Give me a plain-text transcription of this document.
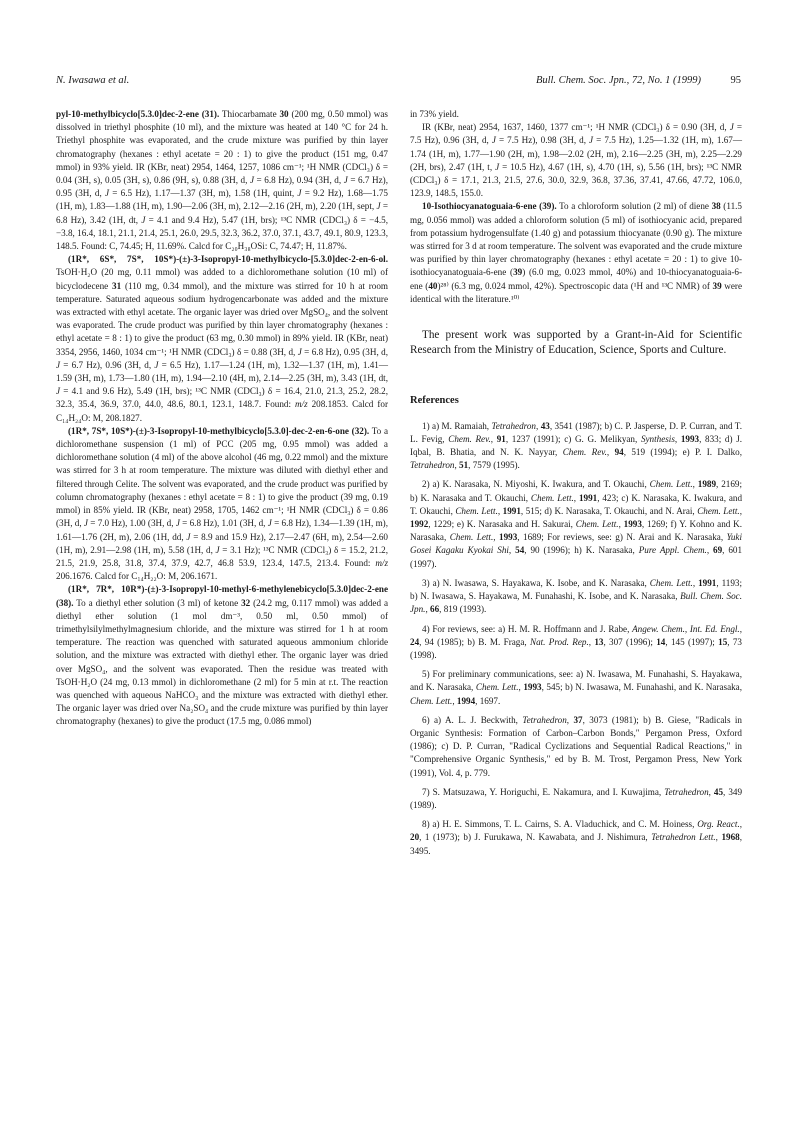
N. Iwasawa et al.	Bull. Chem. Soc. Jpn., 72, No. 1 (1999)	95

pyl-10-methylbicyclo[5.3.0]dec-2-ene (31). Thiocarbamate 30 (200 mg, 0.50 mmol) was dissolved in triethyl phosphite (10 ml), and the mixture was heated at 140 °C for 24 h. Triethyl phosphite was evaporated, and the crude mixture was purified by thin layer chromatography (hexanes : ethyl acetate = 20 : 1) to give the product (151 mg, 0.47 mmol) in 93% yield. IR (KBr, neat) 2954, 1464, 1257, 1086 cm⁻¹; ¹H NMR (CDCl₃) δ = 0.04 (3H, s), 0.05 (3H, s), 0.86 (9H, s), 0.88 (3H, d, J = 6.8 Hz), 0.94 (3H, d, J = 6.7 Hz), 0.95 (3H, d, J = 6.5 Hz), 1.17—1.37 (3H, m), 1.58 (1H, quint, J = 9.2 Hz), 1.68—1.75 (1H, m), 1.83—1.88 (1H, m), 1.90—2.06 (3H, m), 2.12—2.16 (2H, m), 2.20 (1H, sept, J = 6.8 Hz), 3.42 (1H, dt, J = 4.1 and 9.4 Hz), 5.47 (1H, brs); ¹³C NMR (CDCl₃) δ = −4.5, −3.8, 16.4, 18.1, 21.1, 21.4, 25.1, 26.0, 29.5, 32.3, 36.2, 37.0, 37.1, 43.7, 49.1, 80.9, 123.3, 148.5. Found: C, 74.45; H, 11.69%. Calcd for C₂₀H₃₈OSi: C, 74.47; H, 11.87%.

(1R*, 6S*, 7S*, 10S*)-(±)-3-Isopropyl-10-methylbicyclo-[5.3.0]dec-2-en-6-ol. TsOH·H₂O (20 mg, 0.11 mmol) was added to a dichloromethane solution (10 ml) of bicyclodecene 31 (110 mg, 0.34 mmol), and the mixture was stirred for 10 h at room temperature. Saturated aqueous sodium hydrogencarbonate was added and the mixture was extracted with ethyl acetate. The organic layer was dried over MgSO₄, and the solvent was evaporated. The crude product was purified by thin layer chromatography (hexanes : ethyl acetate = 8 : 1) to give the product (63 mg, 0.30 mmol) in 89% yield. IR (KBr, neat) 3354, 2956, 1460, 1034 cm⁻¹; ¹H NMR (CDCl₃) δ = 0.88 (3H, d, J = 6.8 Hz), 0.95 (3H, d, J = 6.7 Hz), 0.96 (3H, d, J = 6.5 Hz), 1.17—1.24 (1H, m), 1.32—1.37 (1H, m), 1.41—1.59 (3H, m), 1.73—1.80 (1H, m), 1.94—2.10 (4H, m), 2.14—2.25 (3H, m), 3.43 (1H, dt, J = 4.1 and 9.6 Hz), 5.49 (1H, brs); ¹³C NMR (CDCl₃) δ = 16.4, 21.0, 21.3, 25.2, 28.2, 32.3, 35.4, 36.9, 37.0, 44.0, 48.6, 80.1, 123.1, 148.7. Found: m/z 208.1853. Calcd for C₁₄H₂₄O: M, 208.1827.

(1R*, 7S*, 10S*)-(±)-3-Isopropyl-10-methylbicyclo[5.3.0]-dec-2-en-6-one (32). To a dichloromethane suspension (1 ml) of PCC (205 mg, 0.95 mmol) was added a dichloromethane solution (4 ml) of the above alcohol (46 mg, 0.22 mmol) and the mixture was stirred for 3 h at room temperature. The mixture was diluted with diethyl ether and filtered through Celite. The solvent was evaporated, and the crude product was purified by column chromatography (hexanes : ethyl acetate = 8 : 1) to give the product (39 mg, 0.19 mmol) in 85% yield. IR (KBr, neat) 2958, 1705, 1462 cm⁻¹; ¹H NMR (CDCl₃) δ = 0.86 (3H, d, J = 7.0 Hz), 1.00 (3H, d, J = 6.8 Hz), 1.01 (3H, d, J = 6.8 Hz), 1.34—1.39 (1H, m), 1.61—1.76 (2H, m), 2.06 (1H, dd, J = 8.9 and 15.9 Hz), 2.17—2.47 (6H, m), 2.54—2.60 (1H, m), 2.91—2.98 (1H, m), 5.58 (1H, d, J = 3.1 Hz); ¹³C NMR (CDCl₃) δ = 15.2, 21.2, 21.5, 21.9, 25.8, 31.8, 37.4, 37.9, 42.7, 46.8 53.9, 123.4, 147.5, 213.4. Found: m/z 206.1676. Calcd for C₁₄H₂₂O: M, 206.1671.

(1R*, 7R*, 10R*)-(±)-3-Isopropyl-10-methyl-6-methylenebicyclo[5.3.0]dec-2-ene (38). To a diethyl ether solution (3 ml) of ketone 32 (24.2 mg, 0.117 mmol) was added a diethyl ether solution (1 mol dm⁻³, 0.50 ml, 0.50 mmol) of trimethylsilylmethylmagnesium chloride, and the mixture was stirred for 1 h at room temperature. The reaction was quenched with saturated aqueous ammonium chloride solution, and the mixture was extracted with diethyl ether. The organic layer was dried over MgSO₄, and the solvent was evaporated. Then the residue was treated with TsOH·H₂O (24 mg, 0.13 mmol) in dichloromethane (2 ml) for 5 min at r.t. The reaction was quenched with aqueous NaHCO₃ and the mixture was extracted with diethyl ether. The organic layer was dried over Na₂SO₄ and the crude mixture was purified by thin layer chromatography (hexanes) to give the product (17.5 mg, 0.086 mmol)

in 73% yield.

IR (KBr, neat) 2954, 1637, 1460, 1377 cm⁻¹; ¹H NMR (CDCl₃) δ = 0.90 (3H, d, J = 7.5 Hz), 0.96 (3H, d, J = 7.5 Hz), 0.98 (3H, d, J = 7.5 Hz), 1.25—1.32 (1H, m), 1.67—1.74 (1H, m), 1.77—1.90 (2H, m), 1.98—2.02 (2H, m), 2.16—2.25 (3H, m), 2.25—2.29 (2H, brs), 2.47 (1H, t, J = 10.5 Hz), 4.67 (1H, s), 4.70 (1H, s), 5.56 (1H, brs); ¹³C NMR (CDCl₃) δ = 17.1, 21.3, 21.5, 27.6, 30.0, 32.9, 36.8, 37.36, 37.41, 47.66, 47.72, 106.0, 123.9, 148.5, 155.0.

10-Isothiocyanatoguaia-6-ene (39). To a chloroform solution (2 ml) of diene 38 (11.5 mg, 0.056 mmol) was added a chloroform solution (5 ml) of isothiocyanic acid, prepared from potassium hydrogensulfate (1.40 g) and potassium thiocyanate (0.90 g). The mixture was stirred for 3 d at room temperature. The solvent was evaporated and the crude mixture was purified by thin layer chromatography (hexanes : ethyl acetate = 20 : 1) to give 10-isothiocyanatoguaia-6-ene (39) (6.0 mg, 0.023 mmol, 40%) and 10-thiocyanatoguaia-6-ene (40)²⁸⁾ (6.3 mg, 0.024 mmol, 42%). Spectroscopic data (¹H and ¹³C NMR) of 39 were identical with the literature.¹⁰⁾

The present work was supported by a Grant-in-Aid for Scientific Research from the Ministry of Education, Science, Sports and Culture.

References

1) a) M. Ramaiah, Tetrahedron, 43, 3541 (1987); b) C. P. Jasperse, D. P. Curran, and T. L. Fevig, Chem. Rev., 91, 1237 (1991); c) G. G. Melikyan, Synthesis, 1993, 833; d) J. Iqbal, B. Bhatia, and N. K. Nayyar, Chem. Rev., 94, 519 (1994); e) P. I. Dalko, Tetrahedron, 51, 7579 (1995).

2) a) K. Narasaka, N. Miyoshi, K. Iwakura, and T. Okauchi, Chem. Lett., 1989, 2169; b) K. Narasaka and T. Okauchi, Chem. Lett., 1991, 423; c) K. Narasaka, K. Iwakura, and T. Okauchi, Chem. Lett., 1991, 515; d) K. Narasaka, T. Okauchi, and N. Arai, Chem. Lett., 1992, 1229; e) K. Narasaka and H. Sakurai, Chem. Lett., 1993, 1269; f) Y. Kohno and K. Narasaka, Chem. Lett., 1993, 1689; For reviews, see: g) N. Arai and K. Narasaka, Yuki Gosei Kagaku Kyokai Shi, 54, 90 (1996); h) K. Narasaka, Pure Appl. Chem., 69, 601 (1997).

3) a) N. Iwasawa, S. Hayakawa, K. Isobe, and K. Narasaka, Chem. Lett., 1991, 1193; b) N. Iwasawa, S. Hayakawa, M. Funahashi, K. Isobe, and K. Narasaka, Bull. Chem. Soc. Jpn., 66, 819 (1993).

4) For reviews, see: a) H. M. R. Hoffmann and J. Rabe, Angew. Chem., Int. Ed. Engl., 24, 94 (1985); b) B. M. Fraga, Nat. Prod. Rep., 13, 307 (1996); 14, 145 (1997); 15, 73 (1998).

5) For preliminary communications, see: a) N. Iwasawa, M. Funahashi, S. Hayakawa, and K. Narasaka, Chem. Lett., 1993, 545; b) N. Iwasawa, M. Funahashi, and K. Narasaka, Chem. Lett., 1994, 1697.

6) a) A. L. J. Beckwith, Tetrahedron, 37, 3073 (1981); b) B. Giese, "Radicals in Organic Synthesis: Formation of Carbon–Carbon Bonds," Pergamon Press, Oxford (1986); c) D. P. Curran, "Radical Cyclizations and Sequential Radical Reactions," in "Comprehensive Organic Synthesis," ed by B. M. Trost, Pergamon Press, New York (1991), Vol. 4, p. 779.

7) S. Matsuzawa, Y. Horiguchi, E. Nakamura, and I. Kuwajima, Tetrahedron, 45, 349 (1989).

8) a) H. E. Simmons, T. L. Cairns, S. A. Vladuchick, and C. M. Hoiness, Org. React., 20, 1 (1973); b) J. Furukawa, N. Kawabata, and J. Nishimura, Tetrahedron Lett., 1968, 3495.
